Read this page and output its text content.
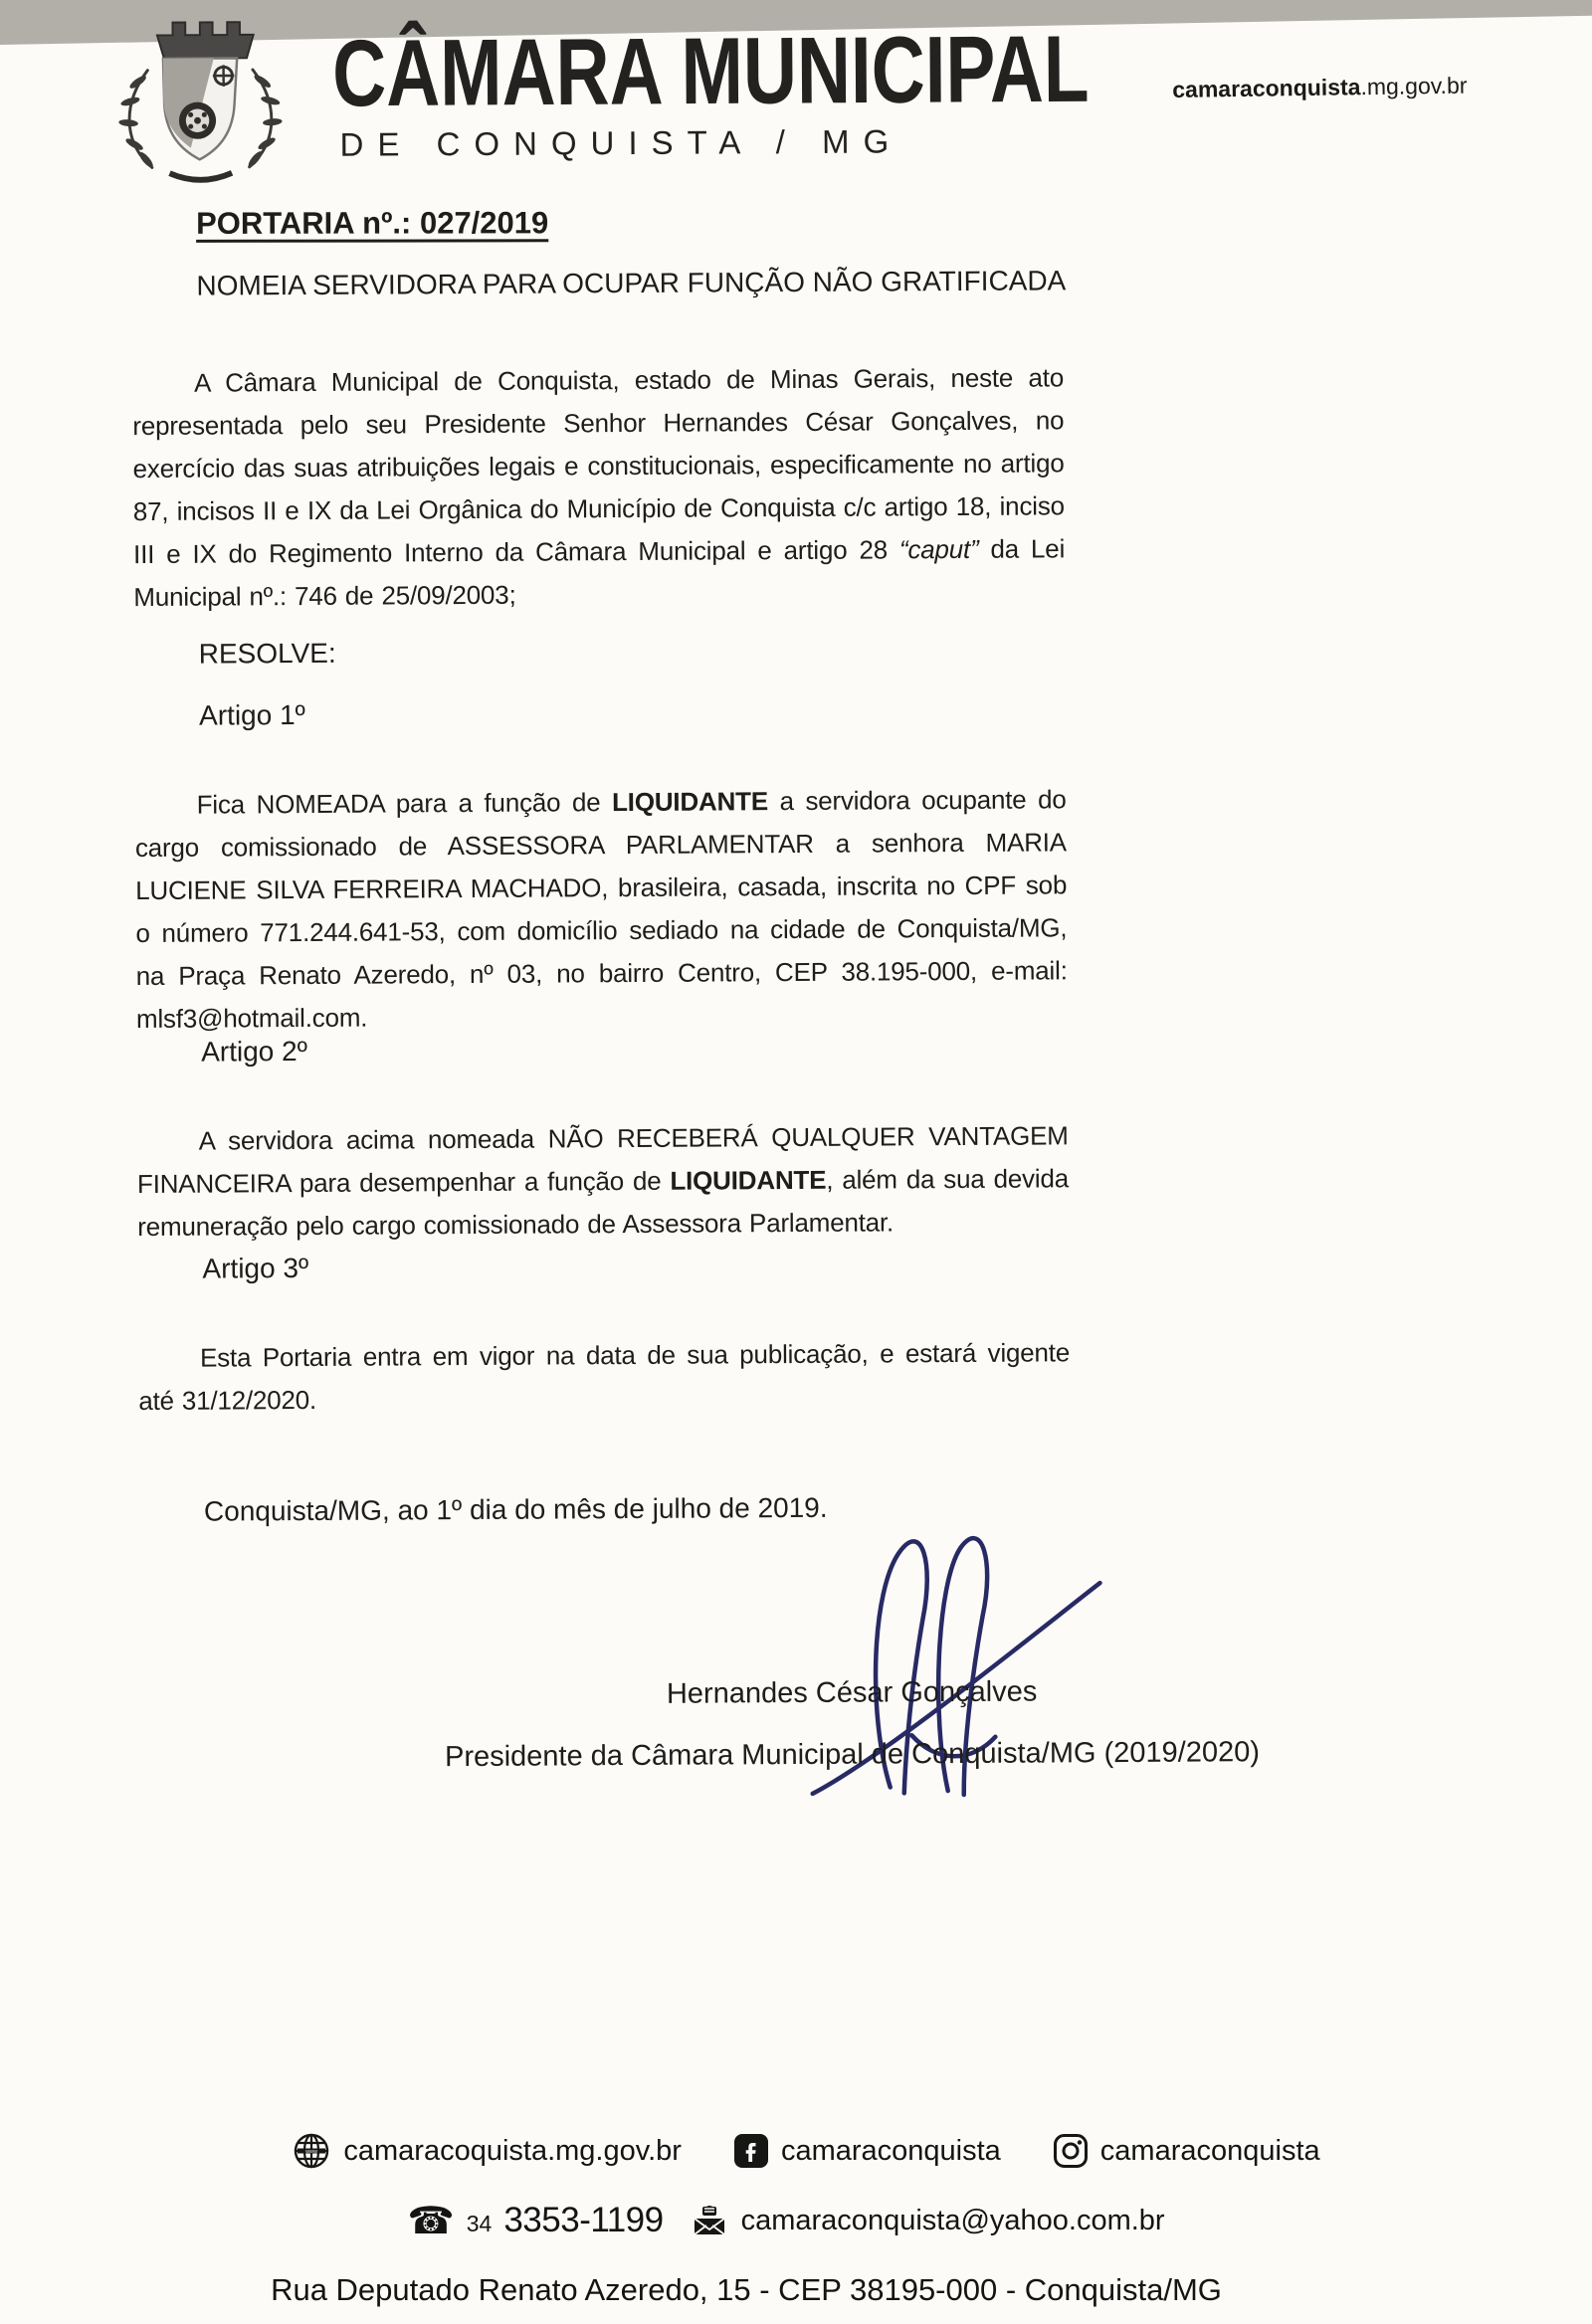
CÂMARA MUNICIPAL
DE CONQUISTA / MG
camaraconquista.mg.gov.br
PORTARIA nº.: 027/2019
NOMEIA SERVIDORA PARA OCUPAR FUNÇÃO NÃO GRATIFICADA

A Câmara Municipal de Conquista, estado de Minas Gerais, neste ato representada pelo seu Presidente Senhor Hernandes César Gonçalves, no exercício das suas atribuições legais e constitucionais, especificamente no artigo 87, incisos II e IX da Lei Orgânica do Município de Conquista c/c artigo 18, inciso III e IX do Regimento Interno da Câmara Municipal e artigo 28 “caput” da Lei Municipal nº.: 746 de 25/09/2003;

RESOLVE:
Artigo 1º

Fica NOMEADA para a função de LIQUIDANTE a servidora ocupante do cargo comissionado de ASSESSORA PARLAMENTAR a senhora MARIA LUCIENE SILVA FERREIRA MACHADO, brasileira, casada, inscrita no CPF sob o número 771.244.641-53, com domicílio sediado na cidade de Conquista/MG, na Praça Renato Azeredo, nº 03, no bairro Centro, CEP 38.195-000, e-mail: mlsf3@hotmail.com.

Artigo 2º

A servidora acima nomeada NÃO RECEBERÁ QUALQUER VANTAGEM FINANCEIRA para desempenhar a função de LIQUIDANTE, além da sua devida remuneração pelo cargo comissionado de Assessora Parlamentar.

Artigo 3º

Esta Portaria entra em vigor na data de sua publicação, e estará vigente até 31/12/2020.

Conquista/MG, ao 1º dia do mês de julho de 2019.
Hernandes César Gonçalves
Presidente da Câmara Municipal de Conquista/MG (2019/2020)
WWW camaracoquista.mg.gov.br	camaraconquista	camaraconquista
☎ 34 3353-1199	camaraconquista@yahoo.com.br
Rua Deputado Renato Azeredo, 15 - CEP 38195-000 - Conquista/MG
